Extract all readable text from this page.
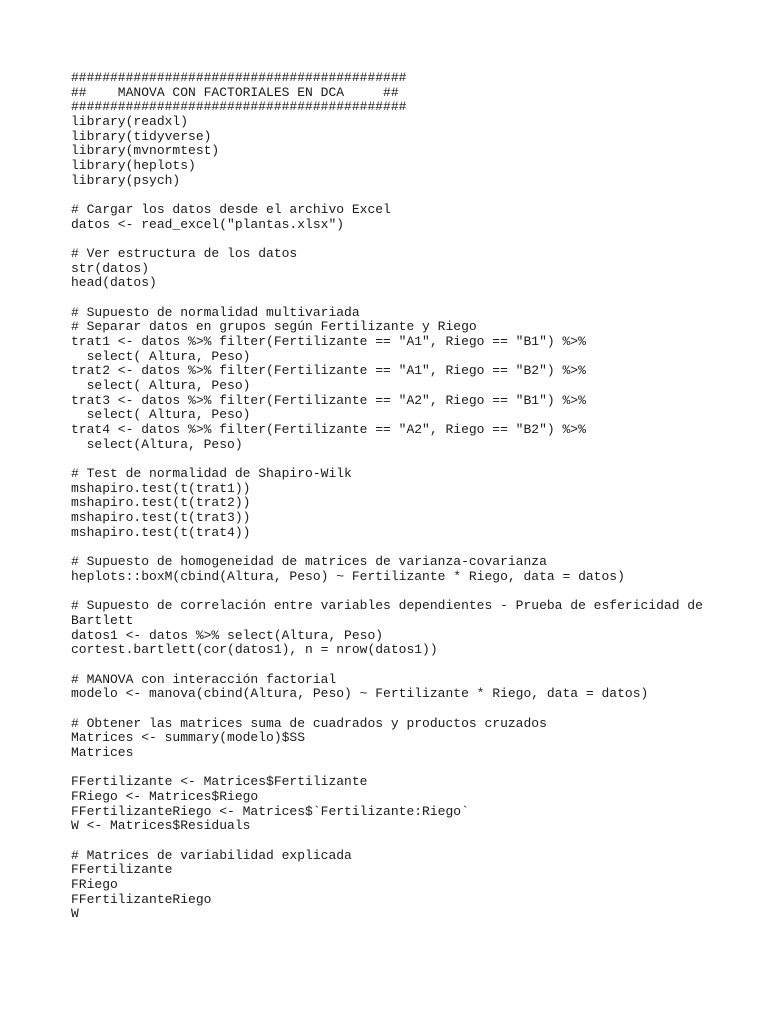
###########################################
##    MANOVA CON FACTORIALES EN DCA     ##
###########################################
library(readxl)
library(tidyverse)
library(mvnormtest)
library(heplots)
library(psych)
# Cargar los datos desde el archivo Excel
datos <- read_excel("plantas.xlsx")
# Ver estructura de los datos
str(datos)
head(datos)
# Supuesto de normalidad multivariada
# Separar datos en grupos según Fertilizante y Riego
trat1 <- datos %>% filter(Fertilizante == "A1", Riego == "B1") %>%
select( Altura, Peso)
trat2 <- datos %>% filter(Fertilizante == "A1", Riego == "B2") %>%
select( Altura, Peso)
trat3 <- datos %>% filter(Fertilizante == "A2", Riego == "B1") %>%
select( Altura, Peso)
trat4 <- datos %>% filter(Fertilizante == "A2", Riego == "B2") %>%
select(Altura, Peso)
# Test de normalidad de Shapiro-Wilk
mshapiro.test(t(trat1))
mshapiro.test(t(trat2))
mshapiro.test(t(trat3))
mshapiro.test(t(trat4))
# Supuesto de homogeneidad de matrices de varianza-covarianza
heplots::boxM(cbind(Altura, Peso) ~ Fertilizante * Riego, data = datos)
# Supuesto de correlación entre variables dependientes - Prueba de esfericidad de
Bartlett
datos1 <- datos %>% select(Altura, Peso)
cortest.bartlett(cor(datos1), n = nrow(datos1))
# MANOVA con interacción factorial
modelo <- manova(cbind(Altura, Peso) ~ Fertilizante * Riego, data = datos)
# Obtener las matrices suma de cuadrados y productos cruzados
Matrices <- summary(modelo)$SS
Matrices
FFertilizante <- Matrices$Fertilizante
FRiego <- Matrices$Riego
FFertilizanteRiego <- Matrices$`Fertilizante:Riego`
W <- Matrices$Residuals
# Matrices de variabilidad explicada
FFertilizante
FRiego
FFertilizanteRiego
W
